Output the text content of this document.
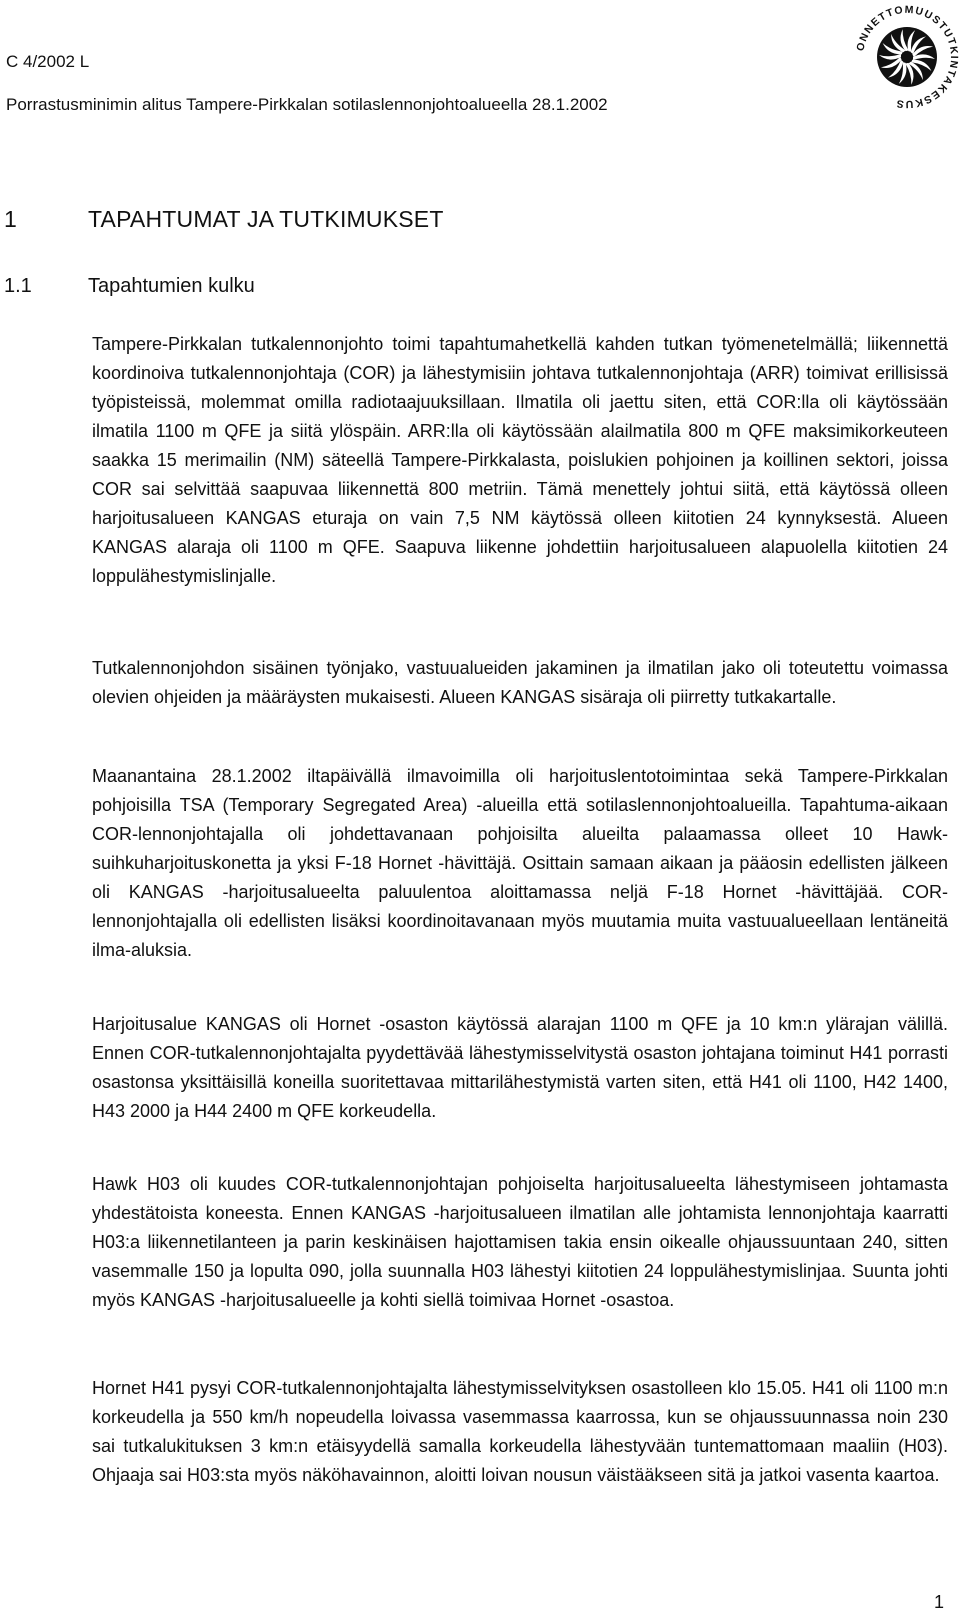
C 4/2002 L
Porrastusminimin alitus Tampere-Pirkkalan sotilaslennonjohtoalueella 28.1.2002
ONNETTOMUUSTUTKINTAKESKUS
1	TAPAHTUMAT JA TUTKIMUKSET
1.1	Tapahtumien kulku

Tampere-Pirkkalan tutkalennonjohto toimi tapahtumahetkellä kahden tutkan työmenetelmällä; liikennettä koordinoiva tutkalennonjohtaja (COR) ja lähestymisiin johtava tutkalennonjohtaja (ARR) toimivat erillisissä työpisteissä, molemmat omilla radiotaajuuksillaan. Ilmatila oli jaettu siten, että COR:lla oli käytössään ilmatila 1100 m QFE ja siitä ylöspäin. ARR:lla oli käytössään alailmatila 800 m QFE maksimikorkeuteen saakka 15 merimailin (NM) säteellä Tampere-Pirkkalasta, poislukien pohjoinen ja koillinen sektori, joissa COR sai selvittää saapuvaa liikennettä 800 metriin. Tämä menettely johtui siitä, että käytössä olleen harjoitusalueen KANGAS eturaja on vain 7,5 NM käytössä olleen kiitotien 24 kynnyksestä. Alueen KANGAS alaraja oli 1100 m QFE. Saapuva liikenne johdettiin harjoitusalueen alapuolella kiitotien 24 loppulähestymislinjalle.

Tutkalennonjohdon sisäinen työnjako, vastuualueiden jakaminen ja ilmatilan jako oli toteutettu voimassa olevien ohjeiden ja määräysten mukaisesti. Alueen KANGAS sisäraja oli piirretty tutkakartalle.

Maanantaina 28.1.2002 iltapäivällä ilmavoimilla oli harjoituslentotoimintaa sekä Tampere-Pirkkalan pohjoisilla TSA (Temporary Segregated Area) -alueilla että sotilaslennonjohtoalueilla. Tapahtuma-aikaan COR-lennonjohtajalla oli johdettavanaan pohjoisilta alueilta palaamassa olleet 10 Hawk-suihkuharjoituskonetta ja yksi F-18 Hornet -hävittäjä. Osittain samaan aikaan ja pääosin edellisten jälkeen oli KANGAS -harjoitusalueelta paluulentoa aloittamassa neljä F-18 Hornet -hävittäjää. COR-lennonjohtajalla oli edellisten lisäksi koordinoitavanaan myös muutamia muita vastuualueellaan lentäneitä ilma-aluksia.

Harjoitusalue KANGAS oli Hornet -osaston käytössä alarajan 1100 m QFE ja 10 km:n ylärajan välillä. Ennen COR-tutkalennonjohtajalta pyydettävää lähestymisselvitystä osaston johtajana toiminut H41 porrasti osastonsa yksittäisillä koneilla suoritettavaa mittarilähestymistä varten siten, että H41 oli 1100, H42 1400, H43 2000 ja H44 2400 m QFE korkeudella.

Hawk H03 oli kuudes COR-tutkalennonjohtajan pohjoiselta harjoitusalueelta lähestymiseen johtamasta yhdestätoista koneesta. Ennen KANGAS -harjoitusalueen ilmatilan alle johtamista lennonjohtaja kaarratti H03:a liikennetilanteen ja parin keskinäisen hajottamisen takia ensin oikealle ohjaussuuntaan 240, sitten vasemmalle 150 ja lopulta 090, jolla suunnalla H03 lähestyi kiitotien 24 loppulähestymislinjaa. Suunta johti myös KANGAS -harjoitusalueelle ja kohti siellä toimivaa Hornet -osastoa.

Hornet H41 pysyi COR-tutkalennonjohtajalta lähestymisselvityksen osastolleen klo 15.05. H41 oli 1100 m:n korkeudella ja 550 km/h nopeudella loivassa vasemmassa kaarrossa, kun se ohjaussuunnassa noin 230 sai tutkalukituksen 3 km:n etäisyydellä samalla korkeudella lähestyvään tuntemattomaan maaliin (H03). Ohjaaja sai H03:sta myös näköhavainnon, aloitti loivan nousun väistääkseen sitä ja jatkoi vasenta kaartoa.

1
